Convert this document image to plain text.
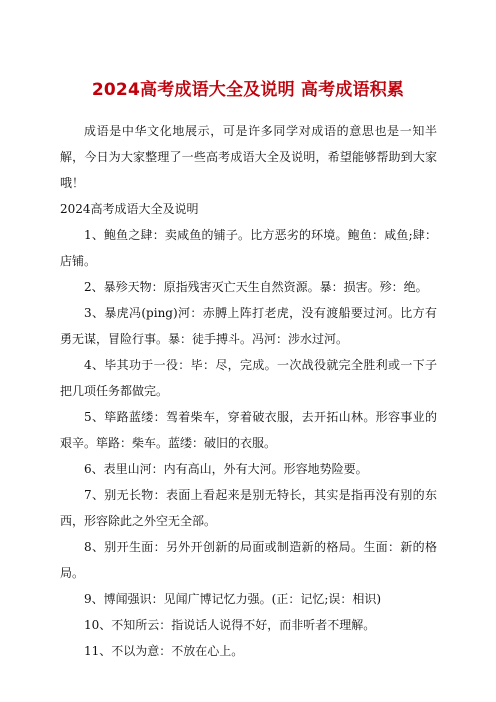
2024高考成语大全及说明 高考成语积累

成语是中华文化地展示，可是许多同学对成语的意思也是一知半解，今日为大家整理了一些高考成语大全及说明，希望能够帮助到大家哦！

2024高考成语大全及说明

1、鲍鱼之肆：卖咸鱼的铺子。比方恶劣的环境。鲍鱼：咸鱼;肆：店铺。

2、暴殄天物：原指残害灭亡天生自然资源。暴：损害。殄：绝。

3、暴虎冯(ping)河：赤膊上阵打老虎，没有渡船要过河。比方有勇无谋，冒险行事。暴：徒手搏斗。冯河：涉水过河。

4、毕其功于一役：毕：尽，完成。一次战役就完全胜利或一下子把几项任务都做完。

5、筚路蓝缕：驾着柴车，穿着破衣服，去开拓山林。形容事业的艰辛。筚路：柴车。蓝缕：破旧的衣服。

6、表里山河：内有高山，外有大河。形容地势险要。

7、别无长物：表面上看起来是别无特长，其实是指再没有别的东西，形容除此之外空无全部。

8、别开生面：另外开创新的局面或制造新的格局。生面：新的格局。

9、博闻强识：见闻广博记忆力强。(正：记忆;误：相识)

10、不知所云：指说话人说得不好，而非听者不理解。

11、不以为意：不放在心上。
